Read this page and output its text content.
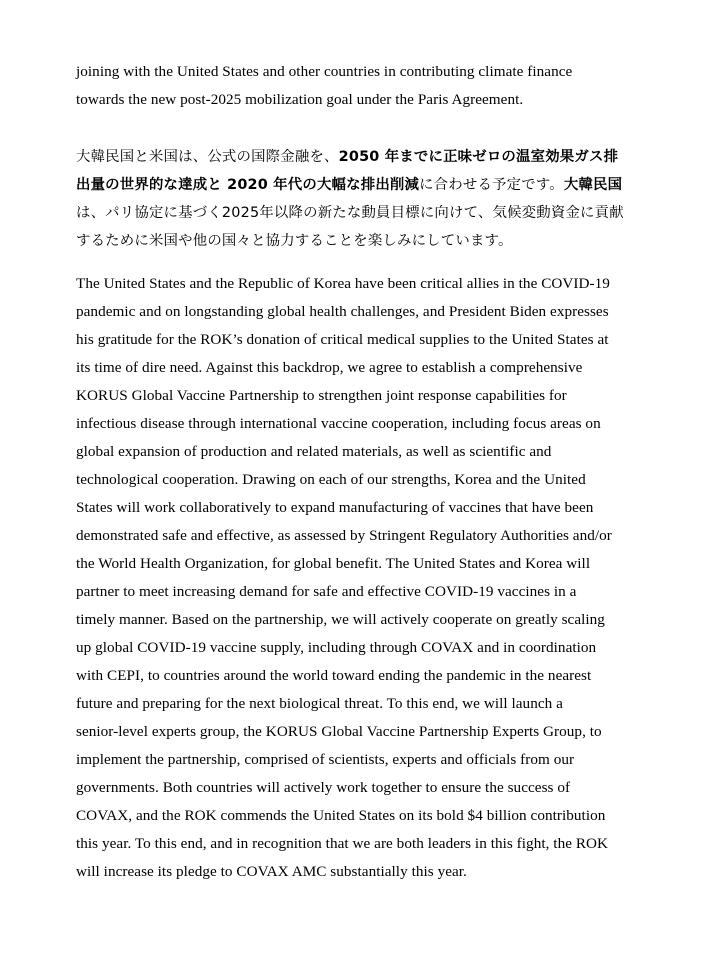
joining with the United States and other countries in contributing climate finance
towards the new post-2025 mobilization goal under the Paris Agreement.
大韓民国と米国は、公式の国際金融を、2050 年までに正味ゼロの温室効果ガス排
出量の世界的な達成と 2020 年代の大幅な排出削減に合わせる予定です。大韓民国
は、パリ協定に基づく2025年以降の新たな動員目標に向けて、気候変動資金に貢献
するために米国や他の国々と協力することを楽しみにしています。
The United States and the Republic of Korea have been critical allies in the COVID-19
pandemic and on longstanding global health challenges, and President Biden expresses
his gratitude for the ROK’s donation of critical medical supplies to the United States at
its time of dire need. Against this backdrop, we agree to establish a comprehensive
KORUS Global Vaccine Partnership to strengthen joint response capabilities for
infectious disease through international vaccine cooperation, including focus areas on
global expansion of production and related materials, as well as scientific and
technological cooperation. Drawing on each of our strengths, Korea and the United
States will work collaboratively to expand manufacturing of vaccines that have been
demonstrated safe and effective, as assessed by Stringent Regulatory Authorities and/or
the World Health Organization, for global benefit. The United States and Korea will
partner to meet increasing demand for safe and effective COVID-19 vaccines in a
timely manner. Based on the partnership, we will actively cooperate on greatly scaling
up global COVID-19 vaccine supply, including through COVAX and in coordination
with CEPI, to countries around the world toward ending the pandemic in the nearest
future and preparing for the next biological threat. To this end, we will launch a
senior-level experts group, the KORUS Global Vaccine Partnership Experts Group, to
implement the partnership, comprised of scientists, experts and officials from our
governments. Both countries will actively work together to ensure the success of
COVAX, and the ROK commends the United States on its bold $4 billion contribution
this year. To this end, and in recognition that we are both leaders in this fight, the ROK
will increase its pledge to COVAX AMC substantially this year.
